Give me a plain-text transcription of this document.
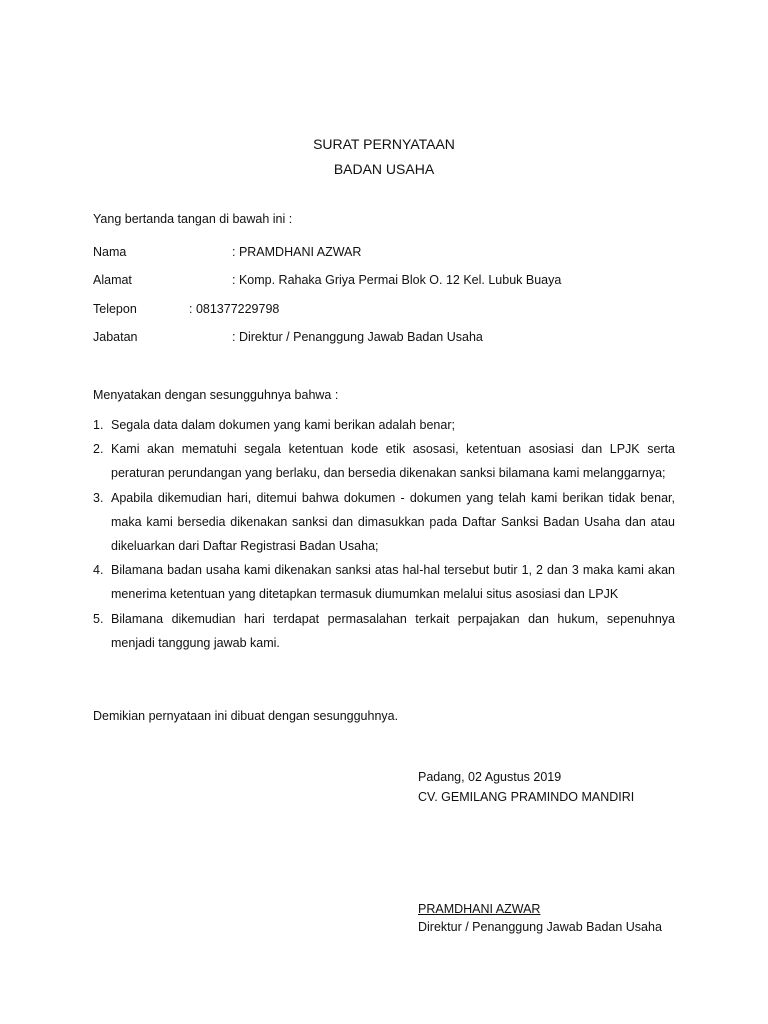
SURAT PERNYATAAN
BADAN USAHA
Yang bertanda tangan di bawah ini :
Nama	: PRAMDHANI AZWAR
Alamat	: Komp. Rahaka Griya Permai Blok O. 12 Kel. Lubuk Buaya
Telepon	: 081377229798
Jabatan	: Direktur / Penanggung Jawab Badan Usaha
Menyatakan dengan sesungguhnya bahwa :
1. Segala data dalam dokumen yang kami berikan adalah benar;
2. Kami akan mematuhi segala ketentuan kode etik asosasi, ketentuan asosiasi dan LPJK serta peraturan perundangan yang berlaku, dan bersedia dikenakan sanksi bilamana kami melanggarnya;
3. Apabila dikemudian hari, ditemui bahwa dokumen - dokumen yang telah kami berikan tidak benar, maka kami bersedia dikenakan sanksi dan dimasukkan pada Daftar Sanksi Badan Usaha dan atau dikeluarkan dari Daftar Registrasi Badan Usaha;
4. Bilamana badan usaha kami dikenakan sanksi atas hal-hal tersebut butir 1, 2 dan 3 maka kami akan menerima ketentuan yang ditetapkan termasuk diumumkan melalui situs asosiasi dan LPJK
5. Bilamana dikemudian hari terdapat permasalahan terkait perpajakan dan hukum, sepenuhnya menjadi tanggung jawab kami.
Demikian pernyataan ini dibuat dengan sesungguhnya.
Padang, 02 Agustus 2019
CV. GEMILANG PRAMINDO MANDIRI
PRAMDHANI AZWAR
Direktur / Penanggung Jawab Badan Usaha
